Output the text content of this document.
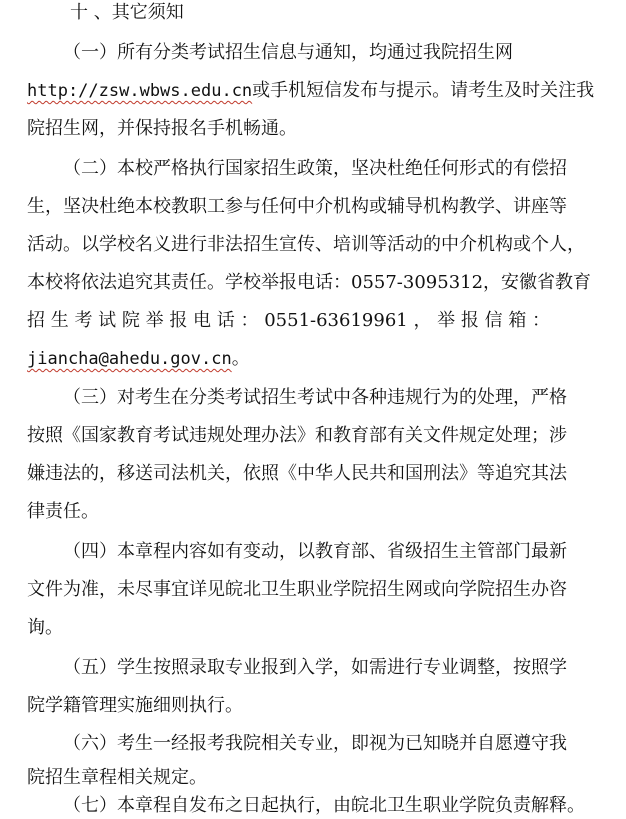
十 、其它须知
（一）所有分类考试招生信息与通知，均通过我院招生网
http://zsw.wbws.edu.cn或手机短信发布与提示。请考生及时关注我
院招生网，并保持报名手机畅通。
（二）本校严格执行国家招生政策，坚决杜绝任何形式的有偿招
生，坚决杜绝本校教职工参与任何中介机构或辅导机构教学、讲座等
活动。以学校名义进行非法招生宣传、培训等活动的中介机构或个人，
本校将依法追究其责任。学校举报电话：0557-3095312，安徽省教育
招 生 考 试 院 举 报 电 话 ： 0551-63619961 ， 举 报 信 箱 ：
jiancha@ahedu.gov.cn。
（三）对考生在分类考试招生考试中各种违规行为的处理，严格
按照《国家教育考试违规处理办法》和教育部有关文件规定处理；涉
嫌违法的，移送司法机关，依照《中华人民共和国刑法》等追究其法
律责任。
（四）本章程内容如有变动，以教育部、省级招生主管部门最新
文件为准，未尽事宜详见皖北卫生职业学院招生网或向学院招生办咨
询。
（五）学生按照录取专业报到入学，如需进行专业调整，按照学
院学籍管理实施细则执行。
（六）考生一经报考我院相关专业，即视为已知晓并自愿遵守我
院招生章程相关规定。
（七）本章程自发布之日起执行，由皖北卫生职业学院负责解释。
